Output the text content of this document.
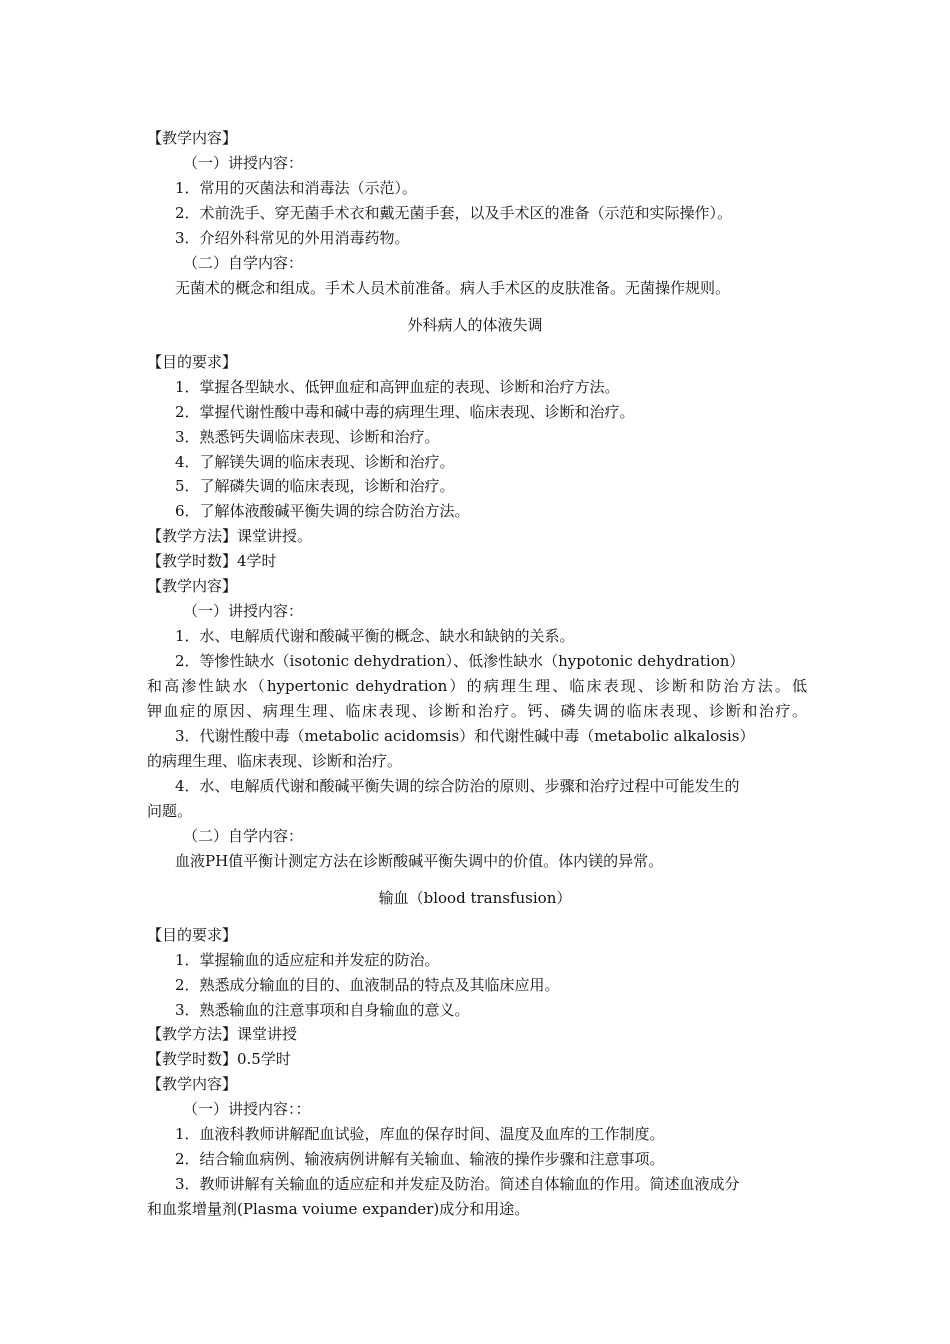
【教学内容】
（一）讲授内容：
1．常用的灭菌法和消毒法（示范）。
2．术前洗手、穿无菌手术衣和戴无菌手套，以及手术区的准备（示范和实际操作）。
3．介绍外科常见的外用消毒药物。
（二）自学内容：
无菌术的概念和组成。手术人员术前准备。病人手术区的皮肤准备。无菌操作规则。
外科病人的体液失调
【目的要求】
1．掌握各型缺水、低钾血症和高钾血症的表现、诊断和治疗方法。
2．掌握代谢性酸中毒和碱中毒的病理生理、临床表现、诊断和治疗。
3．熟悉钙失调临床表现、诊断和治疗。
4．了解镁失调的临床表现、诊断和治疗。
5．了解磷失调的临床表现，诊断和治疗。
6．了解体液酸碱平衡失调的综合防治方法。
【教学方法】课堂讲授。
【教学时数】4学时
【教学内容】
（一）讲授内容：
1．水、电解质代谢和酸碱平衡的概念、缺水和缺钠的关系。
2．等惨性缺水（isotonic dehydration）、低渗性缺水（hypotonic dehydration）
和高渗性缺水（hypertonic dehydration）的病理生理、临床表现、诊断和防治方法。低
钾血症的原因、病理生理、临床表现、诊断和治疗。钙、磷失调的临床表现、诊断和治疗。
3．代谢性酸中毒（metabolic acidomsis）和代谢性碱中毒（metabolic alkalosis）
的病理生理、临床表现、诊断和治疗。
4．水、电解质代谢和酸碱平衡失调的综合防治的原则、步骤和治疗过程中可能发生的
问题。
（二）自学内容：
血液PH值平衡计测定方法在诊断酸碱平衡失调中的价值。体内镁的异常。
输血（blood transfusion）
【目的要求】
1．掌握输血的适应症和并发症的防治。
2．熟悉成分输血的目的、血液制品的特点及其临床应用。
3．熟悉输血的注意事项和自身输血的意义。
【教学方法】课堂讲授
【教学时数】0.5学时
【教学内容】
（一）讲授内容：：
1．血液科教师讲解配血试验，库血的保存时间、温度及血库的工作制度。
2．结合输血病例、输液病例讲解有关输血、输液的操作步骤和注意事项。
3．教师讲解有关输血的适应症和并发症及防治。简述自体输血的作用。简述血液成分
和血浆增量剂(Plasma voiume expander)成分和用途。
